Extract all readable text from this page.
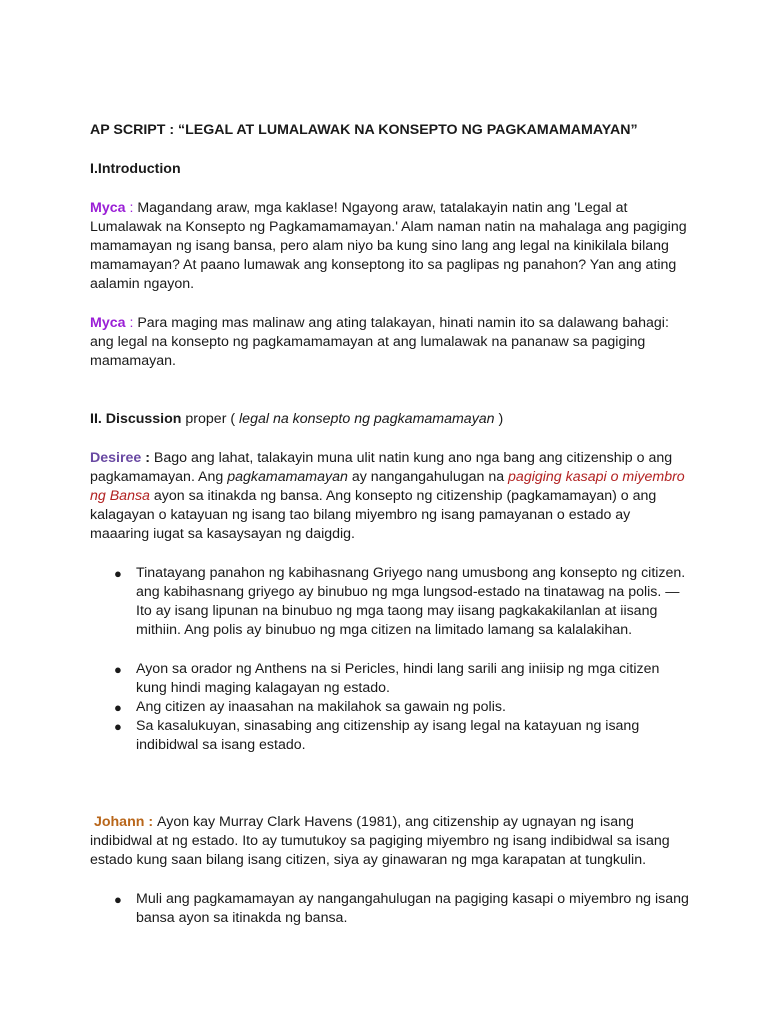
AP SCRIPT : “LEGAL AT LUMALAWAK NA KONSEPTO NG PAGKAMAMAMAYAN”

I.Introduction

Myca : Magandang araw, mga kaklase! Ngayong araw, tatalakayin natin ang 'Legal at Lumalawak na Konsepto ng Pagkamamamayan.' Alam naman natin na mahalaga ang pagiging mamamayan ng isang bansa, pero alam niyo ba kung sino lang ang legal na kinikilala bilang mamamayan? At paano lumawak ang konseptong ito sa paglipas ng panahon? Yan ang ating aalamin ngayon.

Myca : Para maging mas malinaw ang ating talakayan, hinati namin ito sa dalawang bahagi: ang legal na konsepto ng pagkamamamayan at ang lumalawak na pananaw sa pagiging mamamayan.

II. Discussion proper ( legal na konsepto ng pagkamamamayan )

Desiree : Bago ang lahat, talakayin muna ulit natin kung ano nga bang ang citizenship o ang pagkamamayan. Ang pagkamamamayan ay nangangahulugan na pagiging kasapi o miyembro ng Bansa ayon sa itinakda ng bansa. Ang konsepto ng citizenship (pagkamamayan) o ang kalagayan o katayuan ng isang tao bilang miyembro ng isang pamayanan o estado ay maaaring iugat sa kasaysayan ng daigdig.

● Tinatayang panahon ng kabihasnang Griyego nang umusbong ang konsepto ng citizen. ang kabihasnang griyego ay binubuo ng mga lungsod-estado na tinatawag na polis. — Ito ay isang lipunan na binubuo ng mga taong may iisang pagkakakilanlan at iisang mithiin. Ang polis ay binubuo ng mga citizen na limitado lamang sa kalalakihan.
● Ayon sa orador ng Anthens na si Pericles, hindi lang sarili ang iniisip ng mga citizen kung hindi maging kalagayan ng estado.
● Ang citizen ay inaasahan na makilahok sa gawain ng polis.
● Sa kasalukuyan, sinasabing ang citizenship ay isang legal na katayuan ng isang indibidwal sa isang estado.

Johann : Ayon kay Murray Clark Havens (1981), ang citizenship ay ugnayan ng isang indibidwal at ng estado. Ito ay tumutukoy sa pagiging miyembro ng isang indibidwal sa isang estado kung saan bilang isang citizen, siya ay ginawaran ng mga karapatan at tungkulin.

● Muli ang pagkamamayan ay nangangahulugan na pagiging kasapi o miyembro ng isang bansa ayon sa itinakda ng bansa.
